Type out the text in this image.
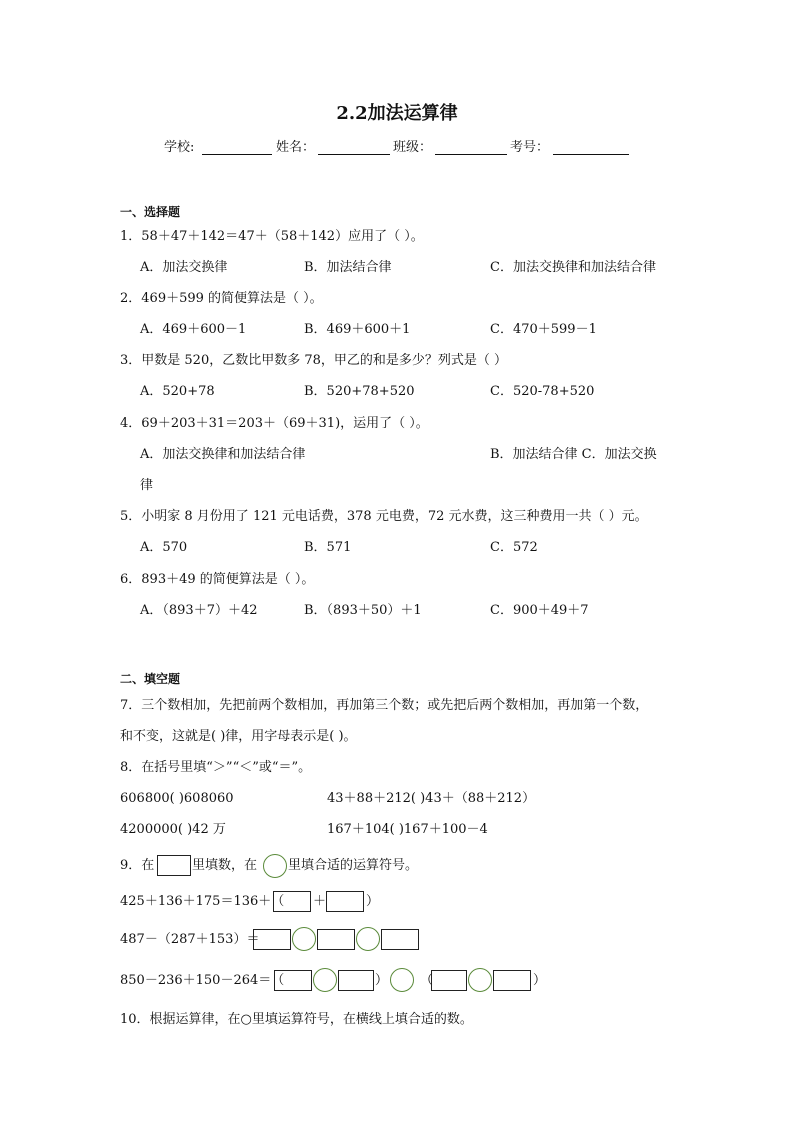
2.2加法运算律
学校:	姓名：	班级：	考号：
一、选择题
1．58＋47＋142＝47＋（58＋142）应用了（ ）。
A．加法交换律	B．加法结合律	C．加法交换律和加法结合律
2．469＋599 的简便算法是（ ）。
A．469＋600－1	B．469＋600＋1	C．470＋599－1
3．甲数是 520，乙数比甲数多 78，甲乙的和是多少？列式是（ ）
A．520+78	B．520+78+520	C．520-78+520
4．69＋203＋31＝203＋（69＋31)，运用了（ ）。
A．加法交换律和加法结合律	B．加法结合律 C．加法交换
律
5．小明家 8 月份用了 121 元电话费，378 元电费，72 元水费，这三种费用一共（ ）元。
A．570	B．571	C．572
6．893＋49 的简便算法是（ ）。
A．（893＋7）＋42	B．（893＋50）＋1	C．900＋49＋7
二、填空题
7．三个数相加，先把前两个数相加，再加第三个数；或先把后两个数相加，再加第一个数，
和不变，这就是( )律，用字母表示是( )。
8．在括号里填“＞”“＜”或“＝”。
606800( )608060	43＋88＋212( )43＋（88＋212）
4200000( )42 万	167＋104( )167＋100－4
9．在	里填数，在 里填合适的运算符号。
425＋136＋175＝136＋（ ＋	）
487－（287＋153）＝
850－236＋150－264＝（	） （	）
10．根据运算律，在○里填运算符号，在横线上填合适的数。
